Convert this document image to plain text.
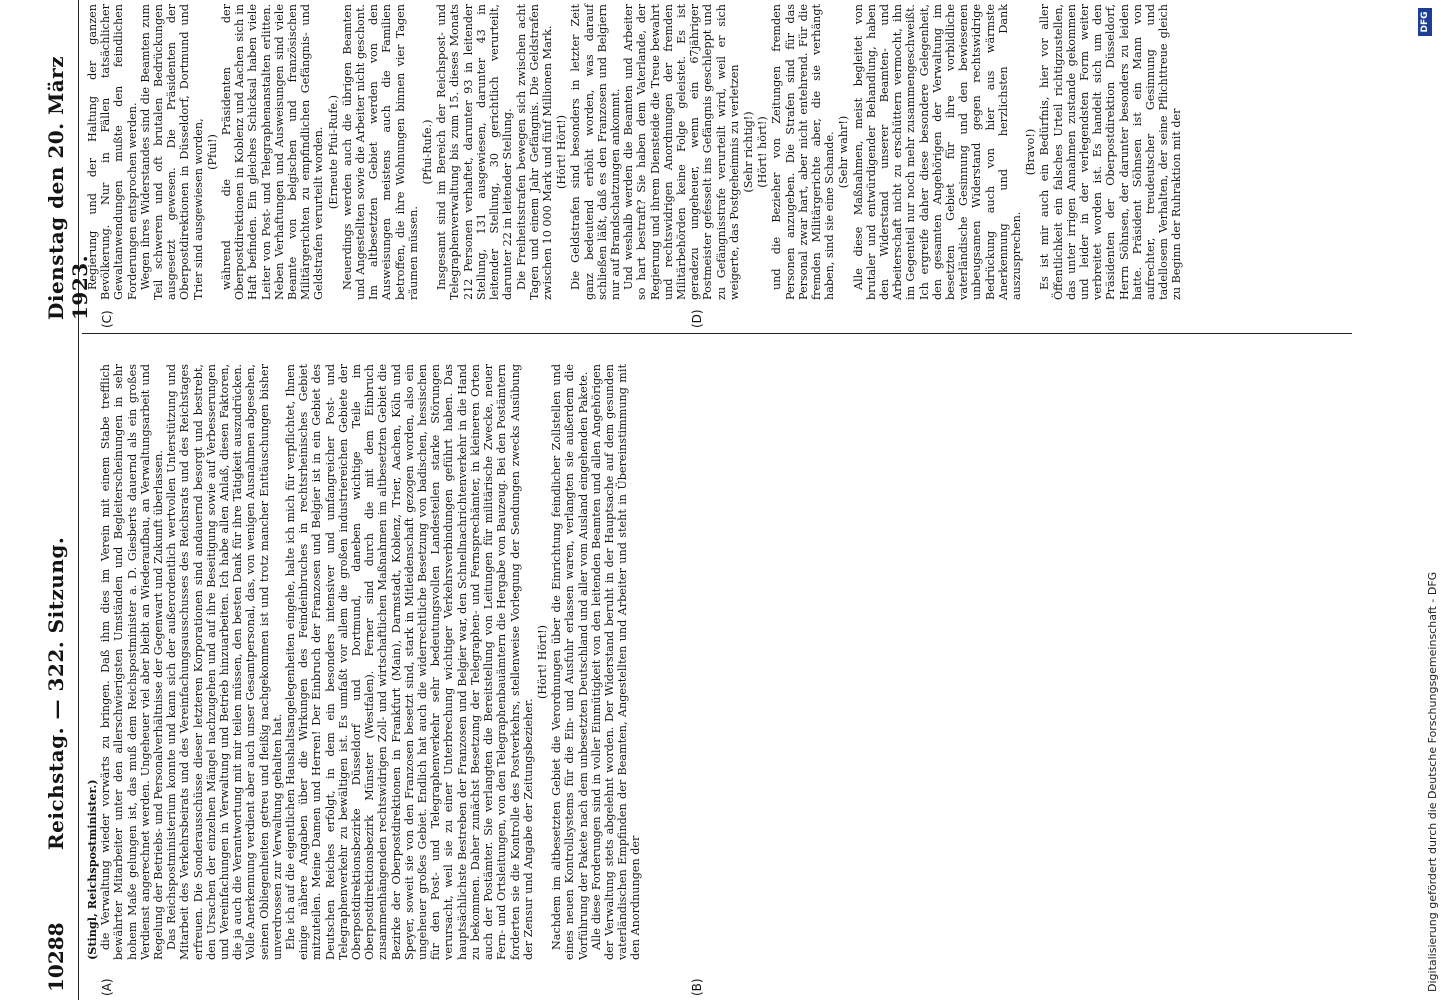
10288
Reichstag. — 322. Sitzung.
Dienstag den 20. März 1923.
(A)	(B)
(C)	(D)

(Stingl, Reichspostminister.) die Verwaltung wieder vorwärts zu bringen. Daß ihm dies im Verein mit einem Stabe trefflich bewährter Mitarbeiter unter den allerschwierigsten Umständen und Begleiterscheinungen in sehr hohem Maße gelungen ist, das muß dem Reichspostminister a. D. Giesberts dauernd als ein großes Verdienst angerechnet werden. Ungeheuer viel aber bleibt an Wiederaufbau, an Verwaltungsarbeit und Regelung der Betriebs- und Personalverhältnisse der Gegenwart und Zukunft überlassen. Das Reichspostministerium konnte und kann sich der außerordentlich wertvollen Unterstützung und Mitarbeit des Verkehrsbeirats und des Vereinfachungsausschusses des Reichsrats und des Reichstages erfreuen. Die Sonderausschüsse dieser letzteren Korporationen sind andauernd besorgt und bestrebt, den Ursachen der einzelnen Mängel nachzugehen und auf ihre Beseitigung sowie auf Verbesserungen und Vereinfachungen in Verwaltung und Betrieb hinzuarbeiten. Ich habe allen Anlaß, diesen Faktoren, die ja auch die Verantwortung mit mir teilen müssen, den besten Dank für ihre Tätigkeit auszudrücken. Volle Anerkennung verdient aber auch unser Gesamtpersonal, das, von wenigen Ausnahmen abgesehen, seinen Obliegenheiten getreu und fleißig nachgekommen ist und trotz mancher Enttäuschungen bisher unverdrossen zur Verwaltung gehalten hat. Ehe ich auf die eigentlichen Haushaltsangelegenheiten eingehe, halte ich mich für verpflichtet, Ihnen einige nähere Angaben über die Wirkungen des Feindeinbruches in rechtsrheinisches Gebiet mitzuteilen. Meine Damen und Herren! Der Einbruch der Franzosen und Belgier ist in ein Gebiet des Deutschen Reiches erfolgt, in dem ein besonders intensiver und umfangreicher Post- und Telegraphenverkehr zu bewältigen ist. Es umfaßt vor allem die großen industriereichen Gebiete der Oberpostdirektionsbezirke Düsseldorf und Dortmund, daneben wichtige Teile im Oberpostdirektionsbezirk Münster (Westfalen). Ferner sind durch die mit dem Einbruch zusammenhängenden rechtswidrigen Zoll- und wirtschaftlichen Maßnahmen im altbesetzten Gebiet die Bezirke der Oberpostdirektionen in Frankfurt (Main), Darmstadt, Koblenz, Trier, Aachen, Köln und Speyer, soweit sie von den Franzosen besetzt sind, stark in Mitleidenschaft gezogen worden, also ein ungeheuer großes Gebiet. Endlich hat auch die widerrechtliche Besetzung von badischen, hessischen für den Post- und Telegraphenverkehr sehr bedeutungsvollen Landesteilen starke Störungen verursacht, weil sie zu einer Unterbrechung wichtiger Verkehrsverbindungen geführt haben. Das hauptsächlichste Bestreben der Franzosen und Belgier war, den Schnellnachrichtenverkehr in die Hand zu bekommen. Daher zunächst Besetzung der Telegraphen- und Fernsprechämter, in kleineren Orten auch der Postämter. Sie verlangten die Bereitstellung von Leitungen für militärische Zwecke, neuer Fern- und Ortsleitungen, von den Telegraphenbauämtern die Hergabe von Bauzeug. Bei den Postämtern forderten sie die Kontrolle des Postverkehrs, stellenweise Vorlegung der Sendungen zwecks Ausübung der Zensur und Angabe der Zeitungsbezieher.

(Hört! Hört!) Nachdem im altbesetzten Gebiet die Verordnungen über die Einrichtung feindlicher Zollstellen und eines neuen Kontrollsystems für die Ein- und Ausfuhr erlassen waren, verlangten sie außerdem die Vorführung der Pakete nach dem unbesetzten Deutschland und aller vom Ausland eingehenden Pakete. Alle diese Forderungen sind in voller Einmütigkeit von den leitenden Beamten und allen Angehörigen der Verwaltung stets abgelehnt worden. Der Widerstand beruht in der Hauptsache auf dem gesunden vaterländischen Empfinden der Beamten, Angestellten und Arbeiter und steht in Übereinstimmung mit den Anordnungen der

Regierung und der Haltung der ganzen Bevölkerung. Nur in Fällen tatsächlicher Gewaltanwendungen mußte den feindlichen Forderungen entsprochen werden. Wegen ihres Widerstandes sind die Beamten zum Teil schweren und oft brutalen Bedrückungen ausgesetzt gewesen. Die Präsidenten der Oberpostdirektionen in Düsseldorf, Dortmund und Trier sind ausgewiesen worden, (Pfui!) während die Präsidenten der Oberpostdirektionen in Koblenz und Aachen sich in Haft befinden. Ein gleiches Schicksal haben viele Leiter von Post- und Telegraphenanstalten erlitten. Neben Verhaftungen und Ausweisungen sind viele Beamte von belgischen und französischen Militärgerichten zu empfindlichen Gefängnis- und Geldstrafen verurteilt worden. (Erneute Pfui-Rufe.) Neuerdings werden auch die übrigen Beamten und Angestellten sowie die Arbeiter nicht geschont. Im altbesetzten Gebiet werden von den Ausweisungen meistens auch die Familien betroffen, die ihre Wohnungen binnen vier Tagen räumen müssen.

(Pfui-Rufe.) Insgesamt sind im Bereich der Reichspost- und Telegraphenverwaltung bis zum 15. dieses Monats 212 Personen verhaftet, darunter 93 in leitender Stellung, 131 ausgewiesen, darunter 43 in leitender Stellung, 30 gerichtlich verurteilt, darunter 22 in leitender Stellung. Die Freiheitsstrafen bewegen sich zwischen acht Tagen und einem Jahr Gefängnis. Die Geldstrafen zwischen 10 000 Mark und fünf Millionen Mark. (Hört! Hört!) Die Geldstrafen sind besonders in letzter Zeit ganz bedeutend erhöht worden, was darauf schließen läßt, daß es den Franzosen und Belgiern nur auf Brandschatzungen ankommt. Und weshalb werden die Beamten und Arbeiter so hart bestraft? Sie haben dem Vaterlande, der Regierung und ihrem Diensteide die Treue bewahrt und rechtswidrigen Anordnungen der fremden Militärbehörden keine Folge geleistet. Es ist geradezu ungeheuer, wenn ein 67jähriger Postmeister gefesselt ins Gefängnis geschleppt und zu Gefängnisstrafe verurteilt wird, weil er sich weigerte, das Postgeheimnis zu verletzen (Sehr richtig!) (Hört! hört!) und die Bezieher von Zeitungen fremden Personen anzugeben. Die Strafen sind für das Personal zwar hart, aber nicht entehrend. Für die fremden Militärgerichte aber, die sie verhängt haben, sind sie eine Schande. (Sehr wahr!) Alle diese Maßnahmen, meist begleitet von brutaler und entwürdigender Behandlung, haben den Widerstand unserer Beamten- und Arbeiterschaft nicht zu erschüttern vermocht, ihn im Gegenteil nur noch mehr zusammengeschweißt. Ich ergreife daher diese besondere Gelegenheit, den gesamten Angehörigen der Verwaltung im besetzten Gebiet für ihre vorbildliche vaterländische Gesinnung und den bewiesenen unbeugsamen Widerstand gegen rechtswidrige Bedrückung auch von hier aus wärmste Anerkennung und herzlichsten Dank auszusprechen.

(Bravo!) Es ist mir auch ein Bedürfnis, hier vor aller Öffentlichkeit ein falsches Urteil richtigzustellen, das unter irrigen Annahmen zustande gekommen und leider in der verlegendsten Form weiter verbreitet worden ist. Es handelt sich um den Präsidenten der Oberpostdirektion Düsseldorf, Herrn Söhnsen, der darunter besonders zu leiden hatte. Präsident Söhnsen ist ein Mann von aufrechter, treudeutscher Gesinnung und tadellosem Verhalten, der seine Pflichttreue gleich zu Beginn der Ruhraktion mit der

Digitalisierung gefördert durch die Deutsche Forschungsgemeinschaft - DFG
DFG
